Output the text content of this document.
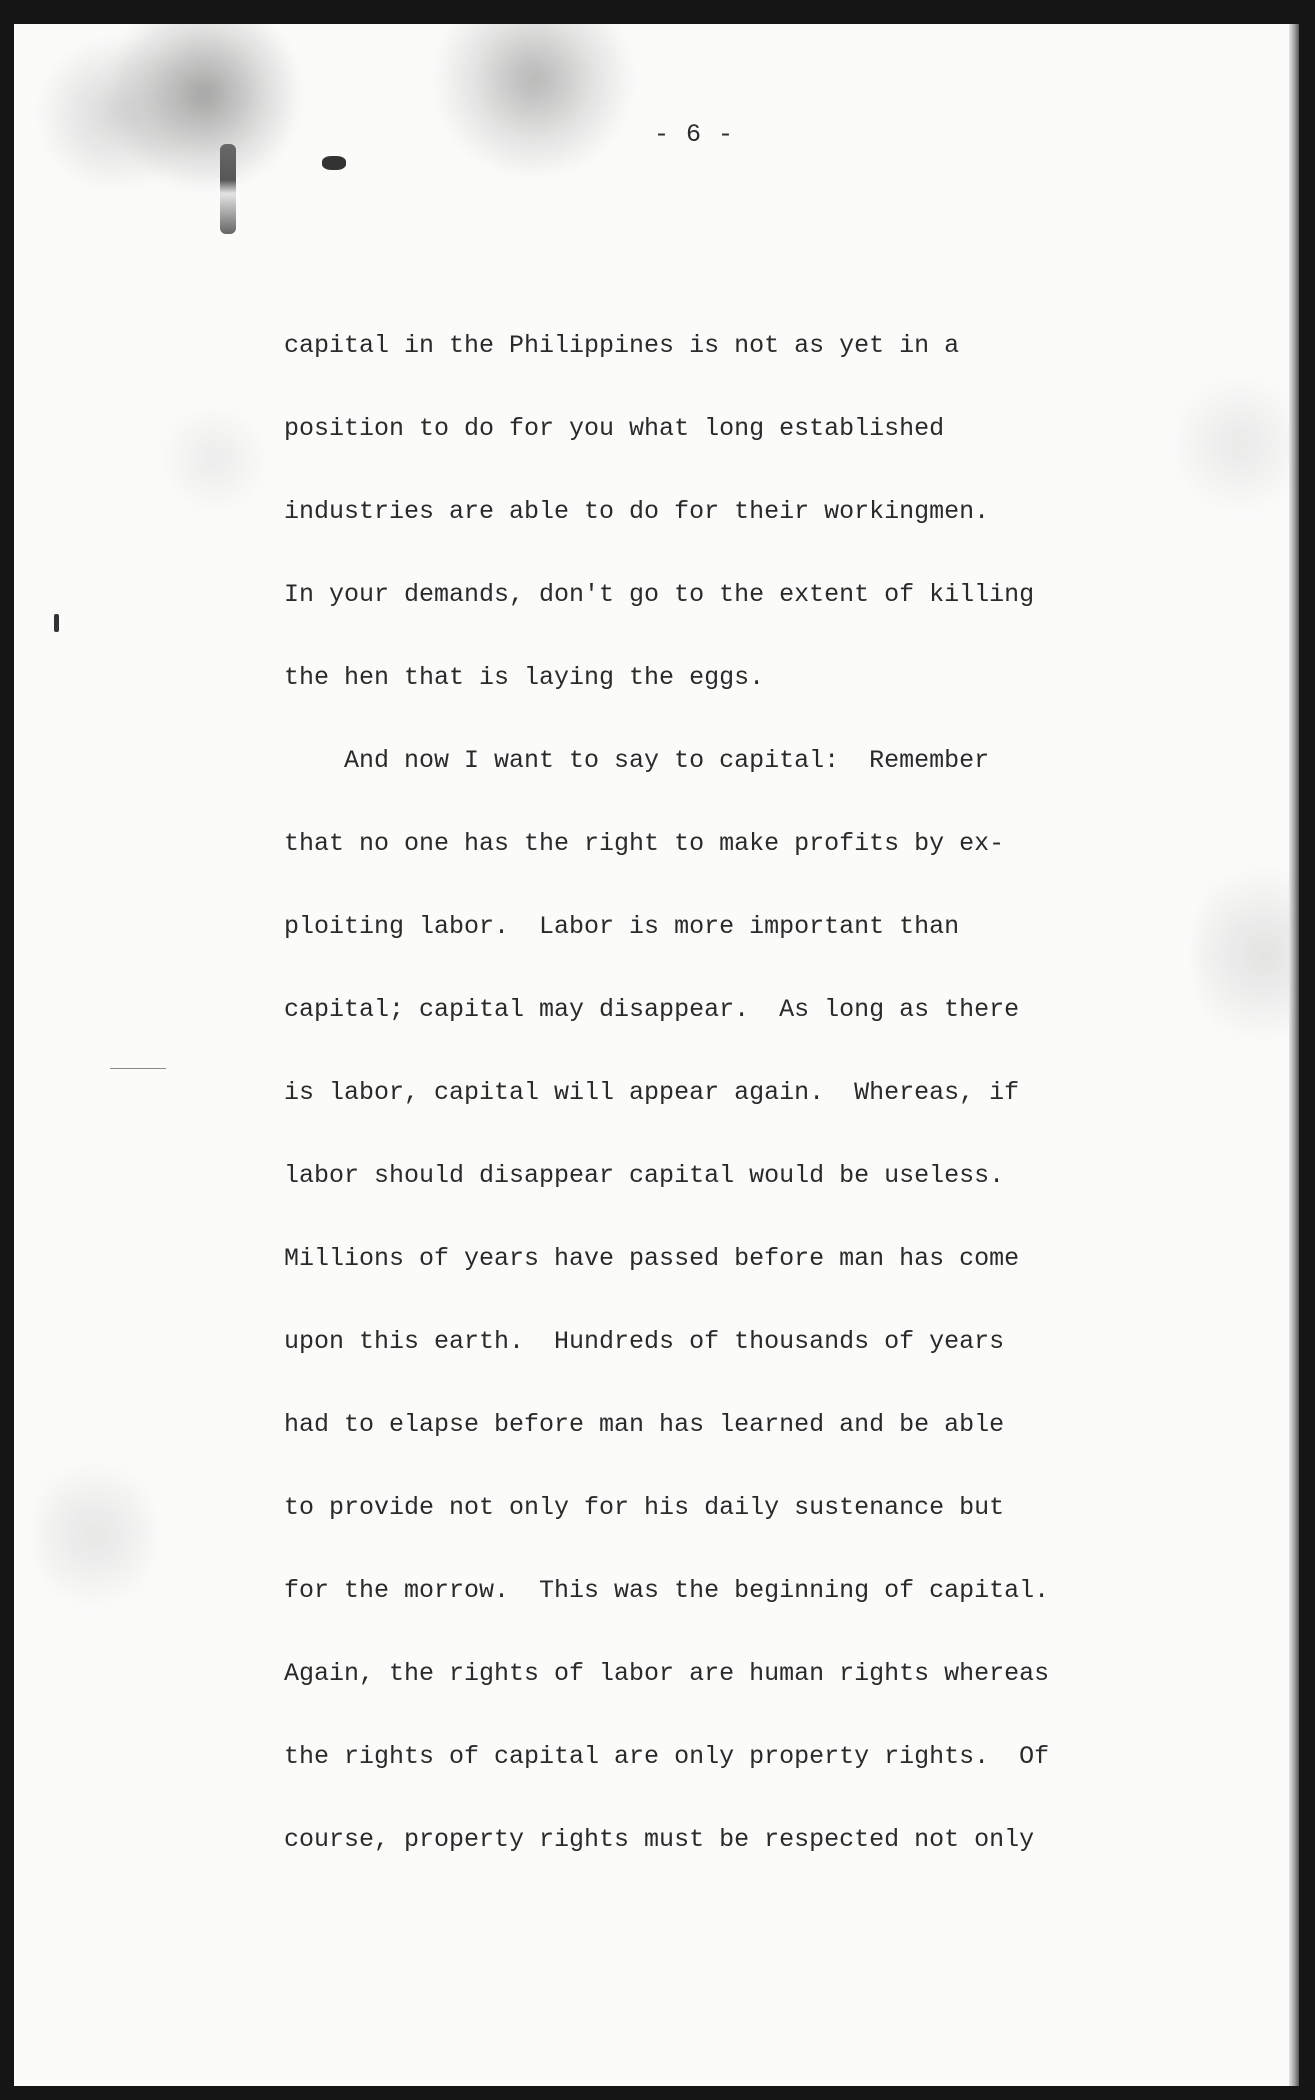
- 6 -
capital in the Philippines is not as yet in a
position to do for you what long established
industries are able to do for their workingmen.
In your demands, don't go to the extent of killing
the hen that is laying the eggs.
And now I want to say to capital:  Remember
that no one has the right to make profits by ex-
ploiting labor.  Labor is more important than
capital; capital may disappear.  As long as there
is labor, capital will appear again.  Whereas, if
labor should disappear capital would be useless.
Millions of years have passed before man has come
upon this earth.  Hundreds of thousands of years
had to elapse before man has learned and be able
to provide not only for his daily sustenance but
for the morrow.  This was the beginning of capital.
Again, the rights of labor are human rights whereas
the rights of capital are only property rights.  Of
course, property rights must be respected not only
